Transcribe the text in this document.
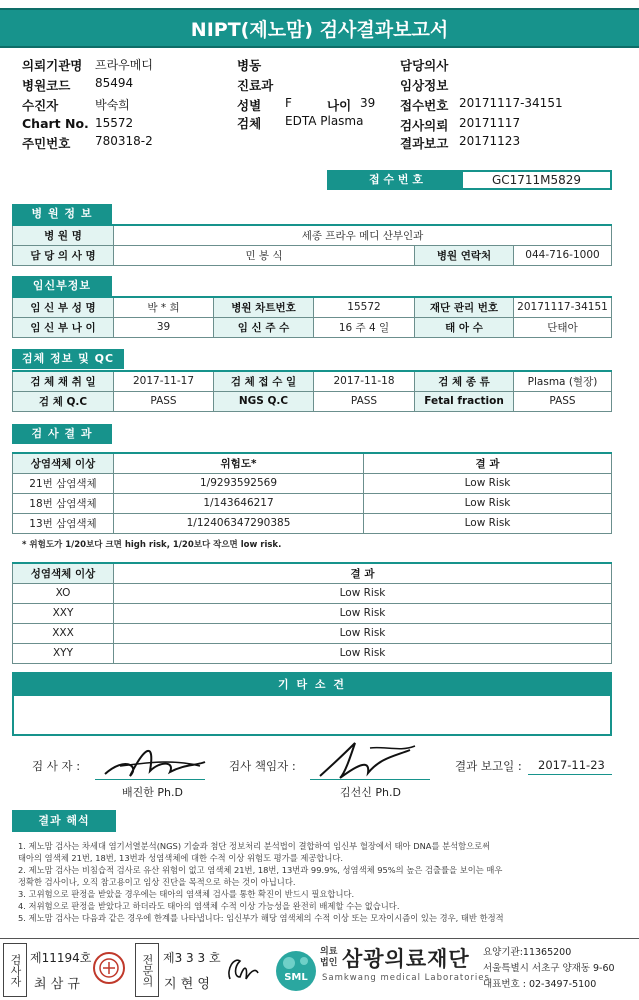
NIPT(제노맘) 검사결과보고서
의뢰기관명 프라우메디
병원코드 85494
수진자	박숙희
Chart No. 15572
주민번호 780318-2
병동
진료과
성별 F	나이 39
검체 EDTA Plasma
담당의사
임상정보
접수번호 20171117-34151
검사의뢰 20171117
결과보고 20171123
접 수 번 호	GC1711M5829
병 원 정 보
병 원 명	세종 프라우 메디 산부인과		
담 당 의 사 명	민 봉 식	병원 연락처	044-716-1000
임신부정보
임 신 부 성 명	박 * 희	병원 차트번호	15572	재단 관리 번호	20171117-34151
임 신 부 나 이	39	임 신 주 수	16 주 4 일	태 아 수	단태아
검체 정보 및 QC
검 체 채 취 일	2017-11-17	검 체 접 수 일	2017-11-18	검 체 종 류	Plasma (혈장)
검 체 Q.C	PASS	NGS Q.C	PASS	Fetal fraction	PASS
검 사 결 과
상염색체 이상	위험도*	결 과
21번 삼염색체	1/9293592569	Low Risk
18번 삼염색체	1/143646217	Low Risk
13번 삼염색체	1/12406347290385	Low Risk
* 위험도가 1/20보다 크면 high risk, 1/20보다 작으면 low risk.
성염색체 이상	결 과
XO	Low Risk
XXY	Low Risk
XXX	Low Risk
XYY	Low Risk
기 타 소 견
검 사 자 :
배진한 Ph.D
검사 책임자 :
김선신 Ph.D
결과 보고일 : 2017-11-23
결과 해석
1. 제노맘 검사는 차세대 염기서열분석(NGS) 기술과 첨단 정보처리 분석법이 결합하여 임신부 혈장에서 태아 DNA를 분석함으로써
태아의 염색체 21번, 18번, 13번과 성염색체에 대한 수적 이상 위험도 평가를 제공합니다.
2. 제노맘 검사는 비침습적 검사로 유산 위험이 없고 염색체 21번, 18번, 13번과 99.9%, 성염색체 95%의 높은 검출률을 보이는 매우
정확한 검사이나, 오직 참고용이고 임상 진단을 목적으로 하는 것이 아닙니다.
3. 고위험으로 판정을 받았을 경우에는 태아의 염색체 검사를 통한 확진이 반드시 필요합니다.
4. 저위험으로 판정을 받았다고 하더라도 태아의 염색체 수적 이상 가능성을 완전히 배제할 수는 없습니다.
5. 제노맘 검사는 다음과 같은 경우에 한계를 나타냅니다: 임신부가 해당 염색체의 수적 이상 또는 모자이시즘이 있는 경우, 태반 한정적
검사자 제11194호
최 삼 규	전문의 제3 3 3 호
지 현 영	SML
의료
법인 삼광의료재단
Samkwang medical Laboratories
요양기관:11365200
서울특별시 서초구 양재동 9-60
대표번호 : 02-3497-5100
